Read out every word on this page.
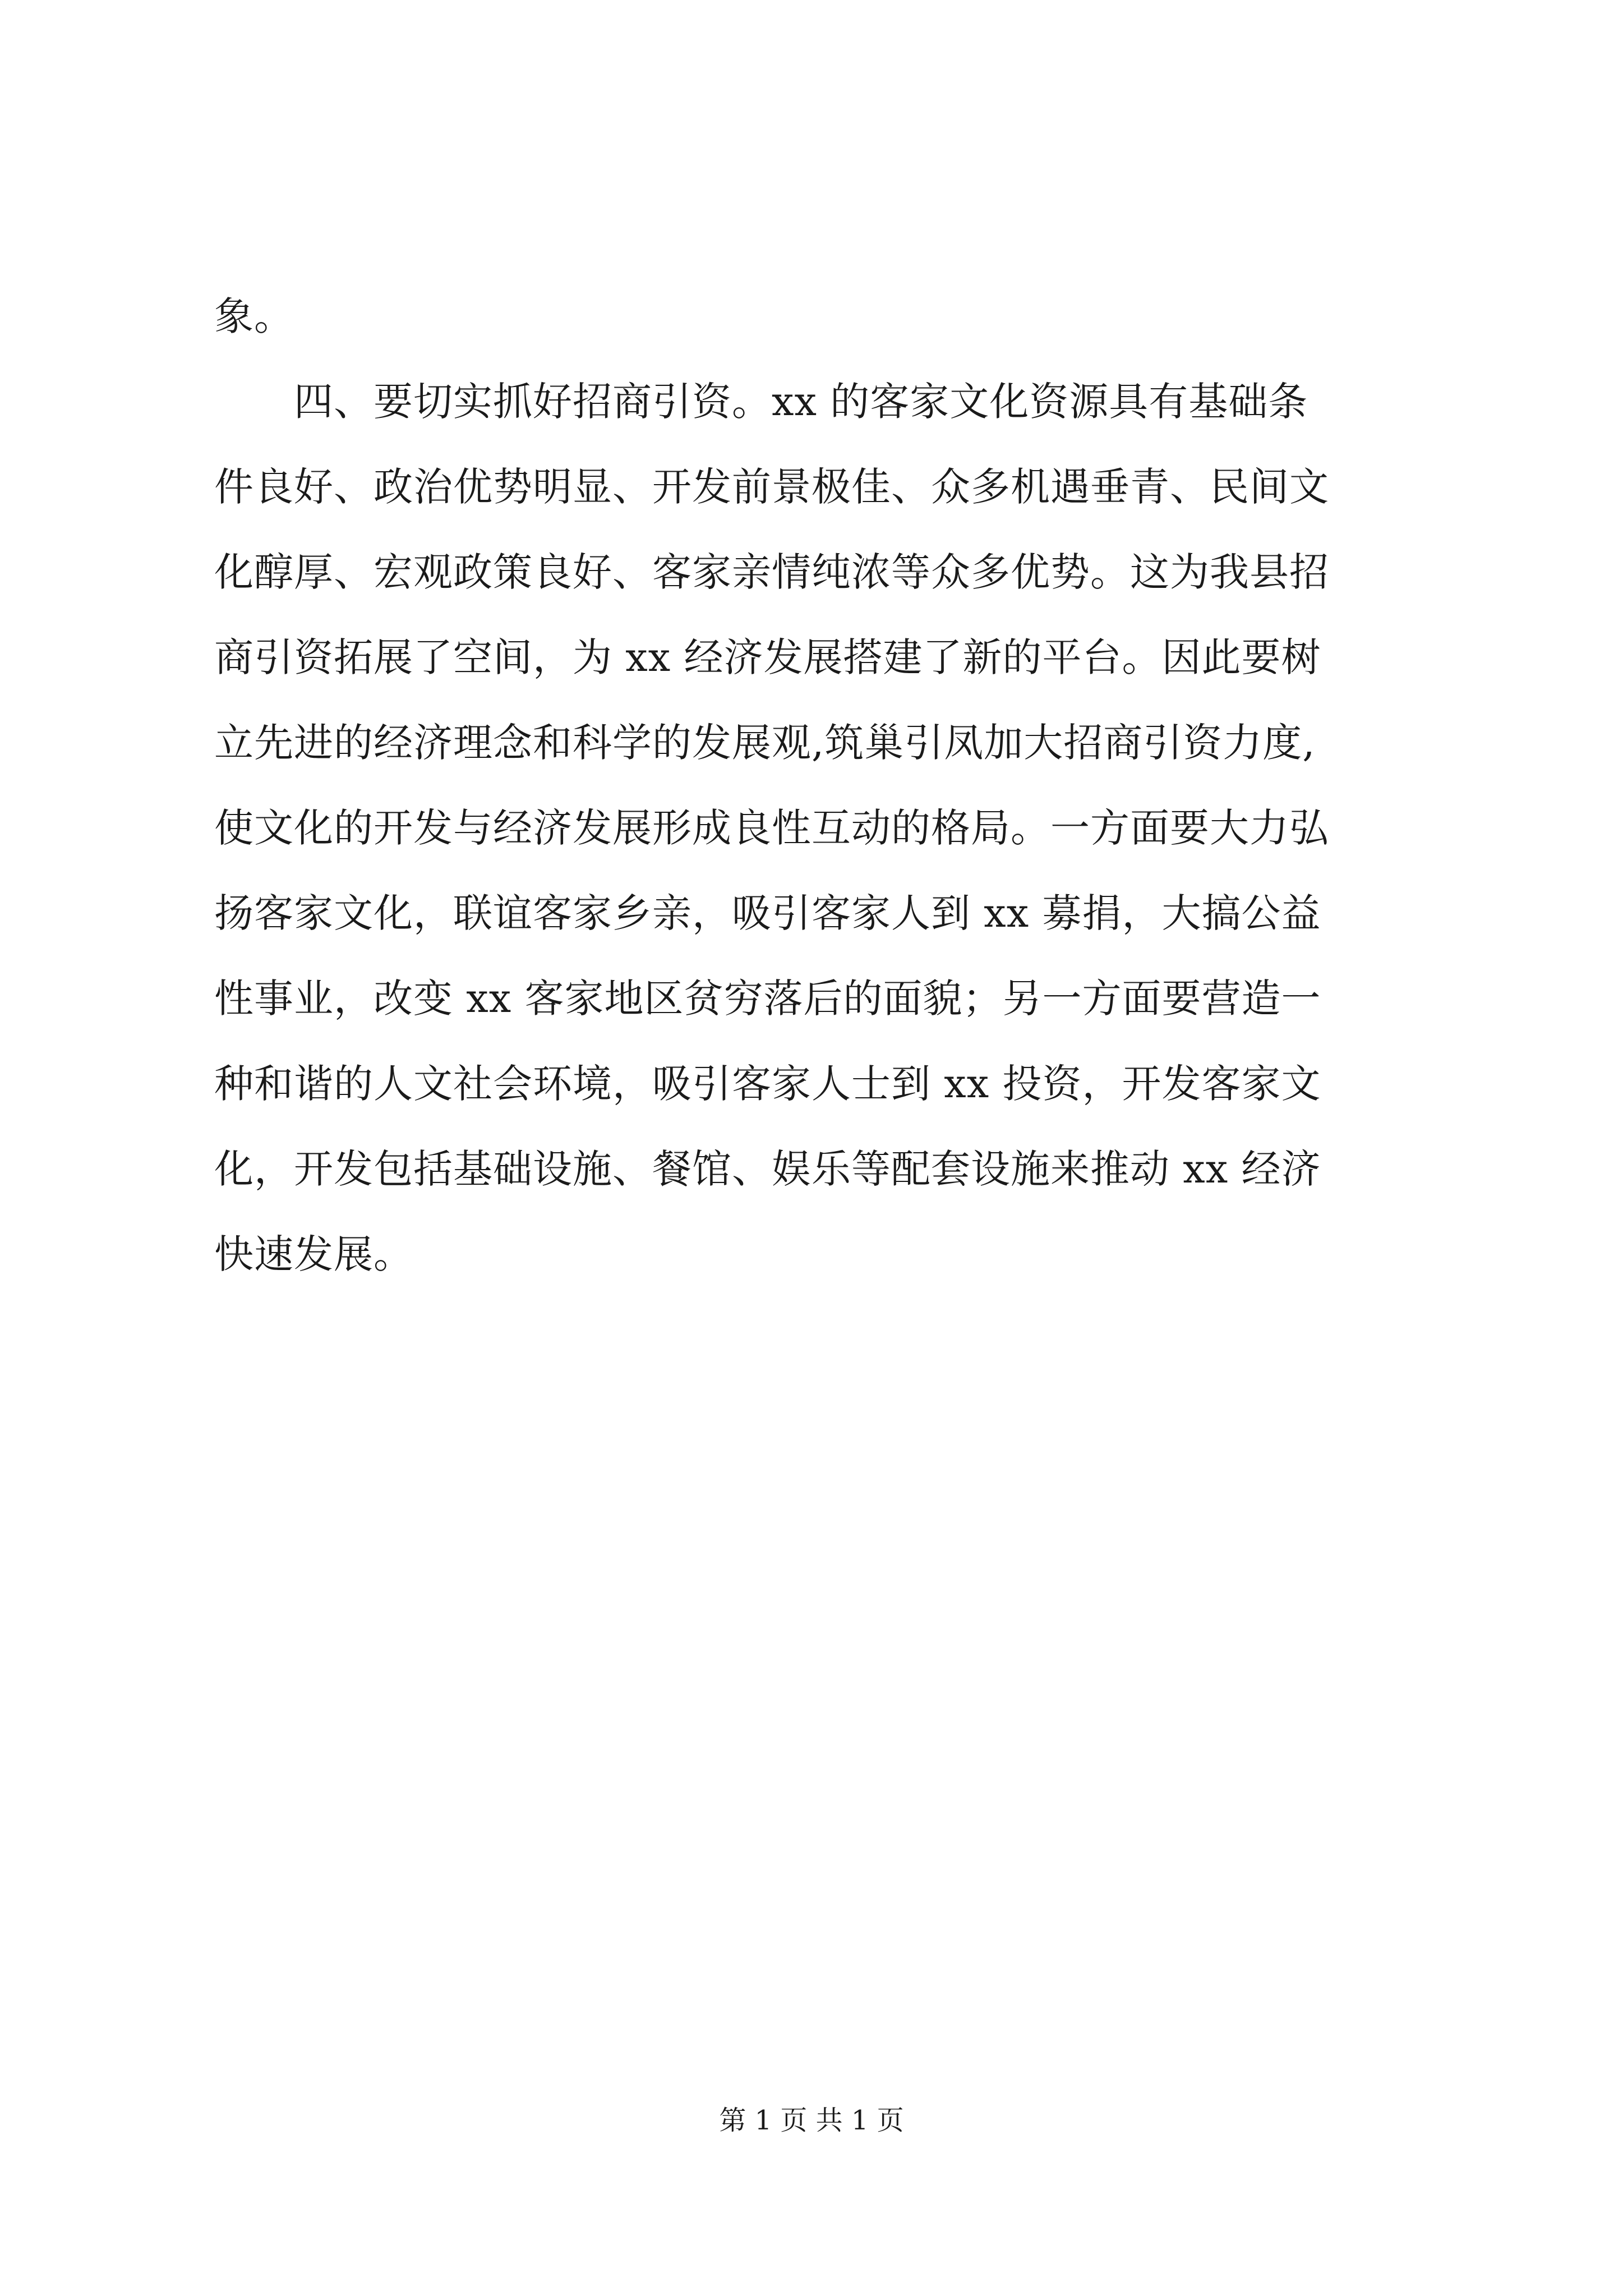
象。
　　四、要切实抓好招商引资。xx 的客家文化资源具有基础条
件良好、政治优势明显、开发前景极佳、众多机遇垂青、民间文
化醇厚、宏观政策良好、客家亲情纯浓等众多优势。这为我县招
商引资拓展了空间，为 xx 经济发展搭建了新的平台。因此要树
立先进的经济理念和科学的发展观,筑巢引凤加大招商引资力度,
使文化的开发与经济发展形成良性互动的格局。一方面要大力弘
扬客家文化，联谊客家乡亲，吸引客家人到 xx 募捐，大搞公益
性事业，改变 xx 客家地区贫穷落后的面貌；另一方面要营造一
种和谐的人文社会环境，吸引客家人士到 xx 投资，开发客家文
化，开发包括基础设施、餐馆、娱乐等配套设施来推动 xx 经济
快速发展。
第 1 页 共 1 页
